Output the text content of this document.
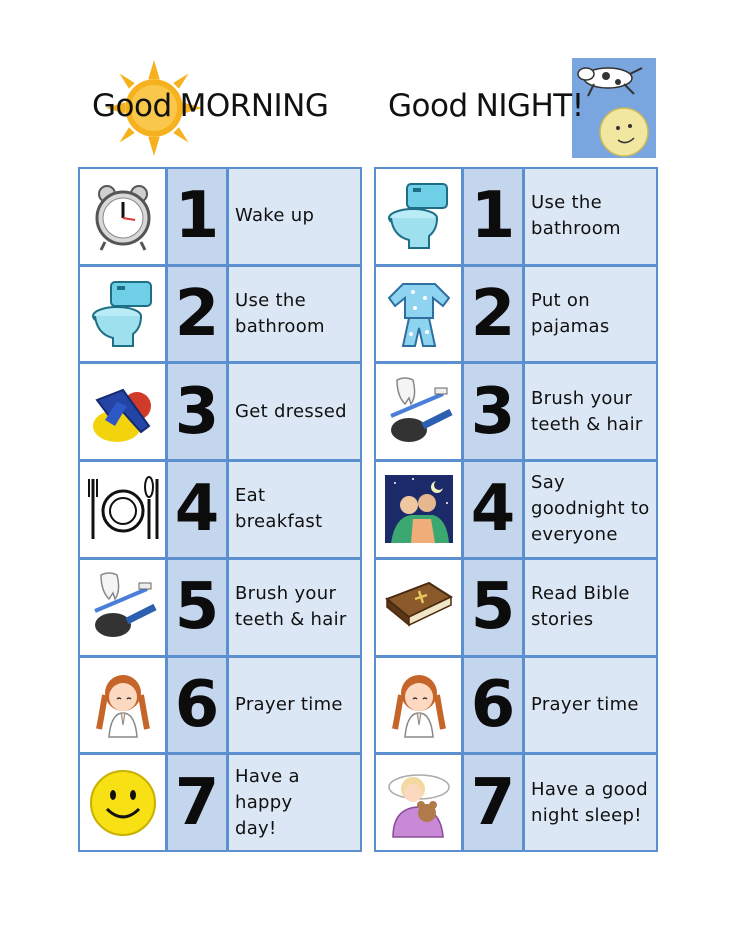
Good MORNING Good NIGHT!
1 Wake up
2 Use the
bathroom
3 Get dressed
4 Eat
breakfast
5 Brush your
teeth & hair
6 Prayer time
7 Have a happy
day!
1 Use the
bathroom
2 Put on
pajamas
3 Brush your
teeth & hair
4 Say
goodnight to
everyone
5 Read Bible
stories
6 Prayer time
7 Have a good
night sleep!
